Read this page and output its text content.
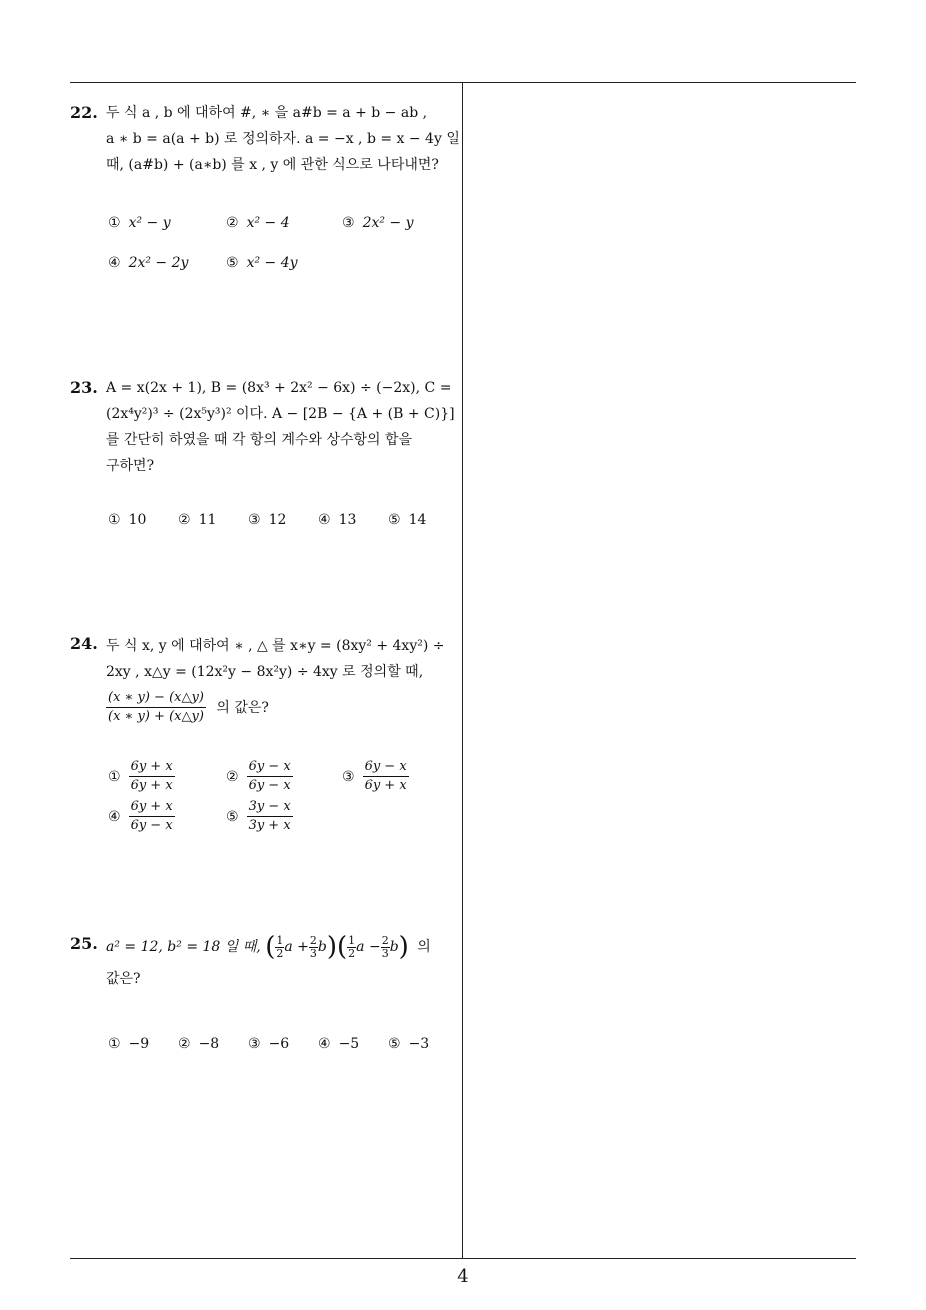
22. 두 식 a , b 에 대하여 #, ∗ 을 a#b = a + b − ab ,
a ∗ b = a(a + b) 로 정의하자. a = −x , b = x − 4y 일
때, (a#b) + (a∗b) 를 x , y 에 관한 식으로 나타내면?
① x² − y	② x² − 4	③ 2x² − y
④ 2x² − 2y	⑤ x² − 4y
23. A = x(2x + 1), B = (8x³ + 2x² − 6x) ÷ (−2x), C =
(2x⁴y²)³ ÷ (2x⁵y³)² 이다. A − [2B − {A + (B + C)}]
를 간단히 하였을 때 각 항의 계수와 상수항의 합을
구하면?
① 10 ② 11 ③ 12 ④ 13 ⑤ 14
24. 두 식 x, y 에 대하여 ∗ , △ 를 x∗y = (8xy² + 4xy²) ÷
2xy , x△y = (12x²y − 8x²y) ÷ 4xy 로 정의할 때,
$\frac{(x ∗ y) - (x\triangle y)}{(x ∗ y) + (x\triangle y)}$ 의 값은?
① $\frac{6y + x}{6y + x}$	② $\frac{6y - x}{6y - x}$	③ $\frac{6y - x}{6y + x}$
④ $\frac{6y + x}{6y - x}$	⑤ $\frac{3y - x}{3y + x}$
25. a² = 12, b² = 18 일 때, ( $\frac{1}{2}$ $a + \frac{2}{3} b)( \frac{1}{2}$ $a - \frac{2}{3} b$) 의
값은?
① −9 ② −8 ③ −6 ④ −5 ⑤ −3
4
